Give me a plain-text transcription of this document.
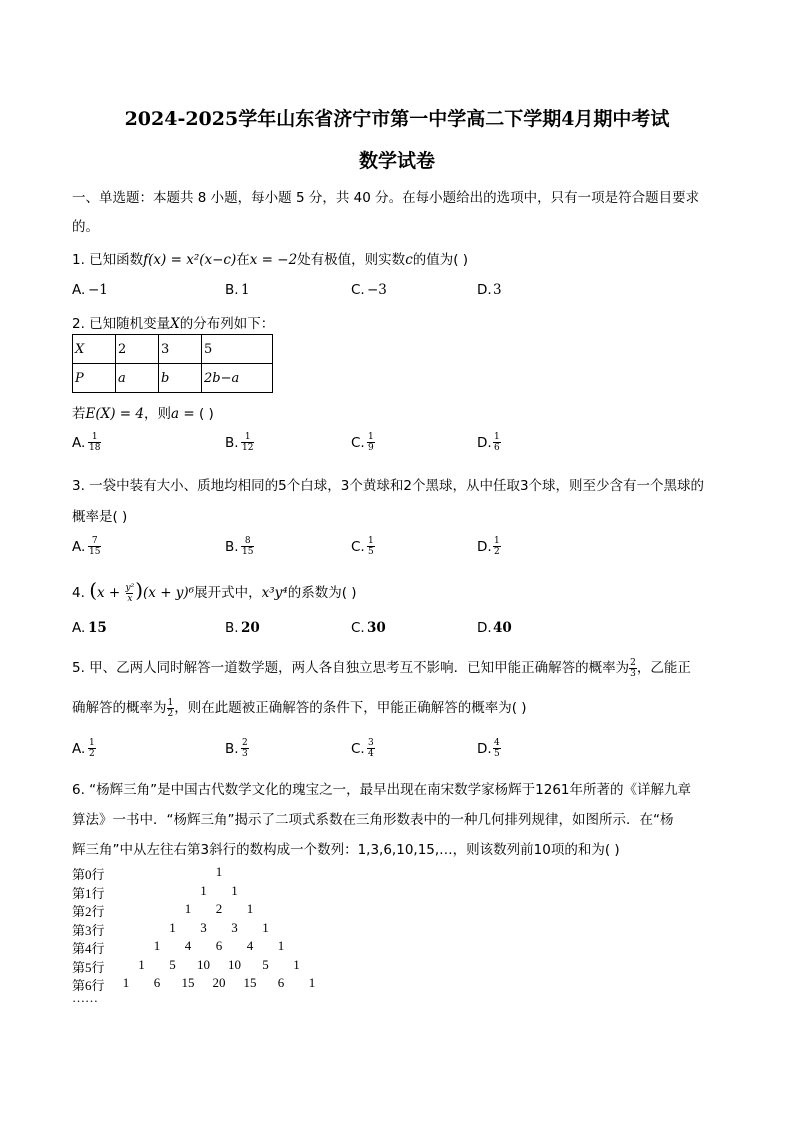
2024-2025学年山东省济宁市第一中学高二下学期4月期中考试
数学试卷
一、单选题：本题共 8 小题，每小题 5 分，共 40 分。在每小题给出的选项中，只有一项是符合题目要求
的。
1. 已知函数f(x) = x²(x−c)在x = −2处有极值，则实数c的值为( )
A. −1	B. 1	C. −3	D.3
2. 已知随机变量X的分布列如下：
X	2	3	5
P	a	b	2b−a
若E(X) = 4，则a = ( )
A. $\frac{1}{18}$	B. $\frac{1}{12}$	C. $\frac{1}{9}$	D. $\frac{1}{6}$
3. 一袋中装有大小、质地均相同的5个白球，3个黄球和2个黑球，从中任取3个球，则至少含有一个黑球的
概率是( )
A. $\frac{7}{15}$	B. $\frac{8}{15}$	C. $\frac{1}{5}$	D. $\frac{1}{2}$
4. $(x + \frac{\text{y²}}{x} )(x + y)^6$展开式中，x³y⁴的系数为( )
A. 15	B. 20	C. 30	D.40
5. 甲、乙两人同时解答一道数学题，两人各自独立思考互不影响．已知甲能正确解答的概率为 $\frac{2}{3}$ ，乙能正
确解答的概率为 $\frac{1}{2}$ ，则在此题被正确解答的条件下，甲能正确解答的概率为( )
A. $\frac{1}{2}$	B. $\frac{2}{3}$	C. $\frac{3}{4}$	D. $\frac{4}{5}$
6. “杨辉三角”是中国古代数学文化的瑰宝之一，最早出现在南宋数学家杨辉于1261年所著的《详解九章
算法》一书中．“杨辉三角”揭示了二项式系数在三角形数表中的一种几何排列规律，如图所示．在“杨
辉三角”中从左往右第3斜行的数构成一个数列：1,3,6,10,15,…，则该数列前10项的和为( )
第0行	1
第1行	1	1
第2行	1	2	1
第3行	1	3	3	1
第4行	1	4	6	4	1
第5行	1	5	10 10	5	1
第6行	1	6	15 20 15	6	1
……
